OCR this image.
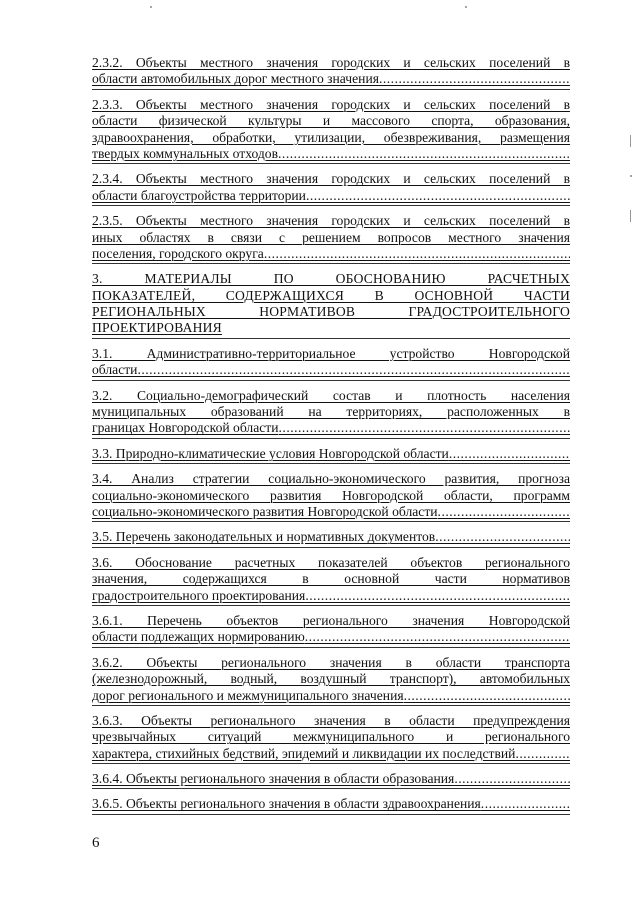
2.3.2. Объекты местного значения городских и сельских поселений в
области автомобильных дорог местного значения
.....
2.3.3. Объекты местного значения городских и сельских поселений в
области физической культуры и массового спорта, образования,
здравоохранения, обработки, утилизации, обезвреживания, размещения
твердых коммунальных отходов
.....
2.3.4. Объекты местного значения городских и сельских поселений в
области благоустройства территории
.....
2.3.5. Объекты местного значения городских и сельских поселений в
иных областях в связи с решением вопросов местного значения
поселения, городского округа
.....
3. МАТЕРИАЛЫ ПО ОБОСНОВАНИЮ РАСЧЕТНЫХ
ПОКАЗАТЕЛЕЙ, СОДЕРЖАЩИХСЯ В ОСНОВНОЙ ЧАСТИ
РЕГИОНАЛЬНЫХ НОРМАТИВОВ ГРАДОСТРОИТЕЛЬНОГО
ПРОЕКТИРОВАНИЯ
3.1. Административно-территориальное устройство Новгородской
области
.....
3.2. Социально-демографический состав и плотность населения
муниципальных образований на территориях, расположенных в
границах Новгородской области
.....
3.3. Природно-климатические условия Новгородской области
.....
3.4. Анализ стратегии социально-экономического развития, прогноза
социально-экономического развития Новгородской области, программ
социально-экономического развития Новгородской области
.....
3.5. Перечень законодательных и нормативных документов
.....
3.6. Обоснование расчетных показателей объектов регионального
значения, содержащихся в основной части нормативов
градостроительного проектирования
.....
3.6.1. Перечень объектов регионального значения Новгородской
области подлежащих нормированию
.....
3.6.2. Объекты регионального значения в области транспорта
(железнодорожный, водный, воздушный транспорт), автомобильных
дорог регионального и межмуниципального значения
.....
3.6.3. Объекты регионального значения в области предупреждения
чрезвычайных ситуаций межмуниципального и регионального
характера, стихийных бедствий, эпидемий и ликвидации их последствий
.....
3.6.4. Объекты регионального значения в области образования
.....
3.6.5. Объекты регионального значения в области здравоохранения
.....
6
